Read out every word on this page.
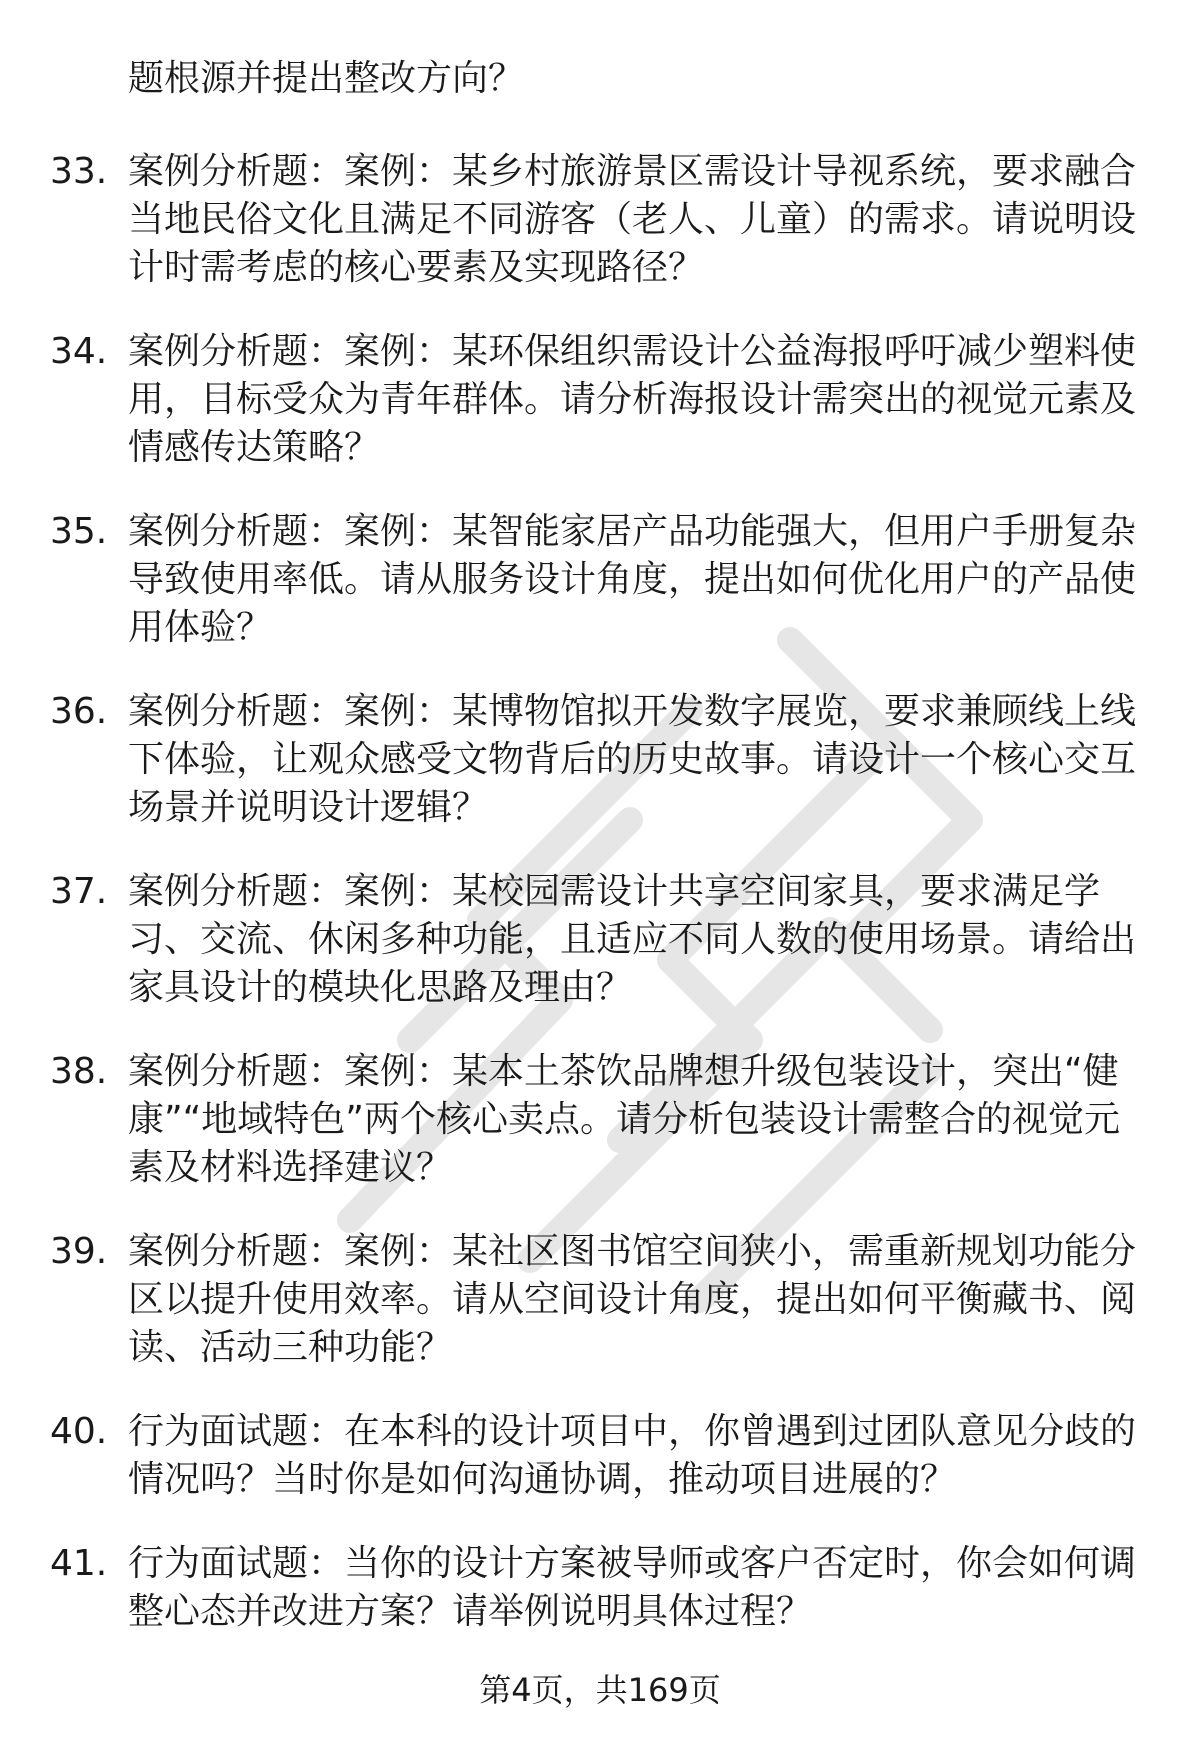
题根源并提出整改方向？
33. 案例分析题：案例：某乡村旅游景区需设计导视系统，要求融合当地民俗文化且满足不同游客（老人、儿童）的需求。请说明设计时需考虑的核心要素及实现路径？
34. 案例分析题：案例：某环保组织需设计公益海报呼吁减少塑料使用，目标受众为青年群体。请分析海报设计需突出的视觉元素及情感传达策略？
35. 案例分析题：案例：某智能家居产品功能强大，但用户手册复杂导致使用率低。请从服务设计角度，提出如何优化用户的产品使用体验？
36. 案例分析题：案例：某博物馆拟开发数字展览，要求兼顾线上线下体验，让观众感受文物背后的历史故事。请设计一个核心交互场景并说明设计逻辑？
37. 案例分析题：案例：某校园需设计共享空间家具，要求满足学习、交流、休闲多种功能，且适应不同人数的使用场景。请给出家具设计的模块化思路及理由？
38. 案例分析题：案例：某本土茶饮品牌想升级包装设计，突出“健康”“地域特色”两个核心卖点。请分析包装设计需整合的视觉元素及材料选择建议？
39. 案例分析题：案例：某社区图书馆空间狭小，需重新规划功能分区以提升使用效率。请从空间设计角度，提出如何平衡藏书、阅读、活动三种功能？
40. 行为面试题：在本科的设计项目中，你曾遇到过团队意见分歧的情况吗？当时你是如何沟通协调，推动项目进展的？
41. 行为面试题：当你的设计方案被导师或客户否定时，你会如何调整心态并改进方案？请举例说明具体过程？
第4页，共169页
